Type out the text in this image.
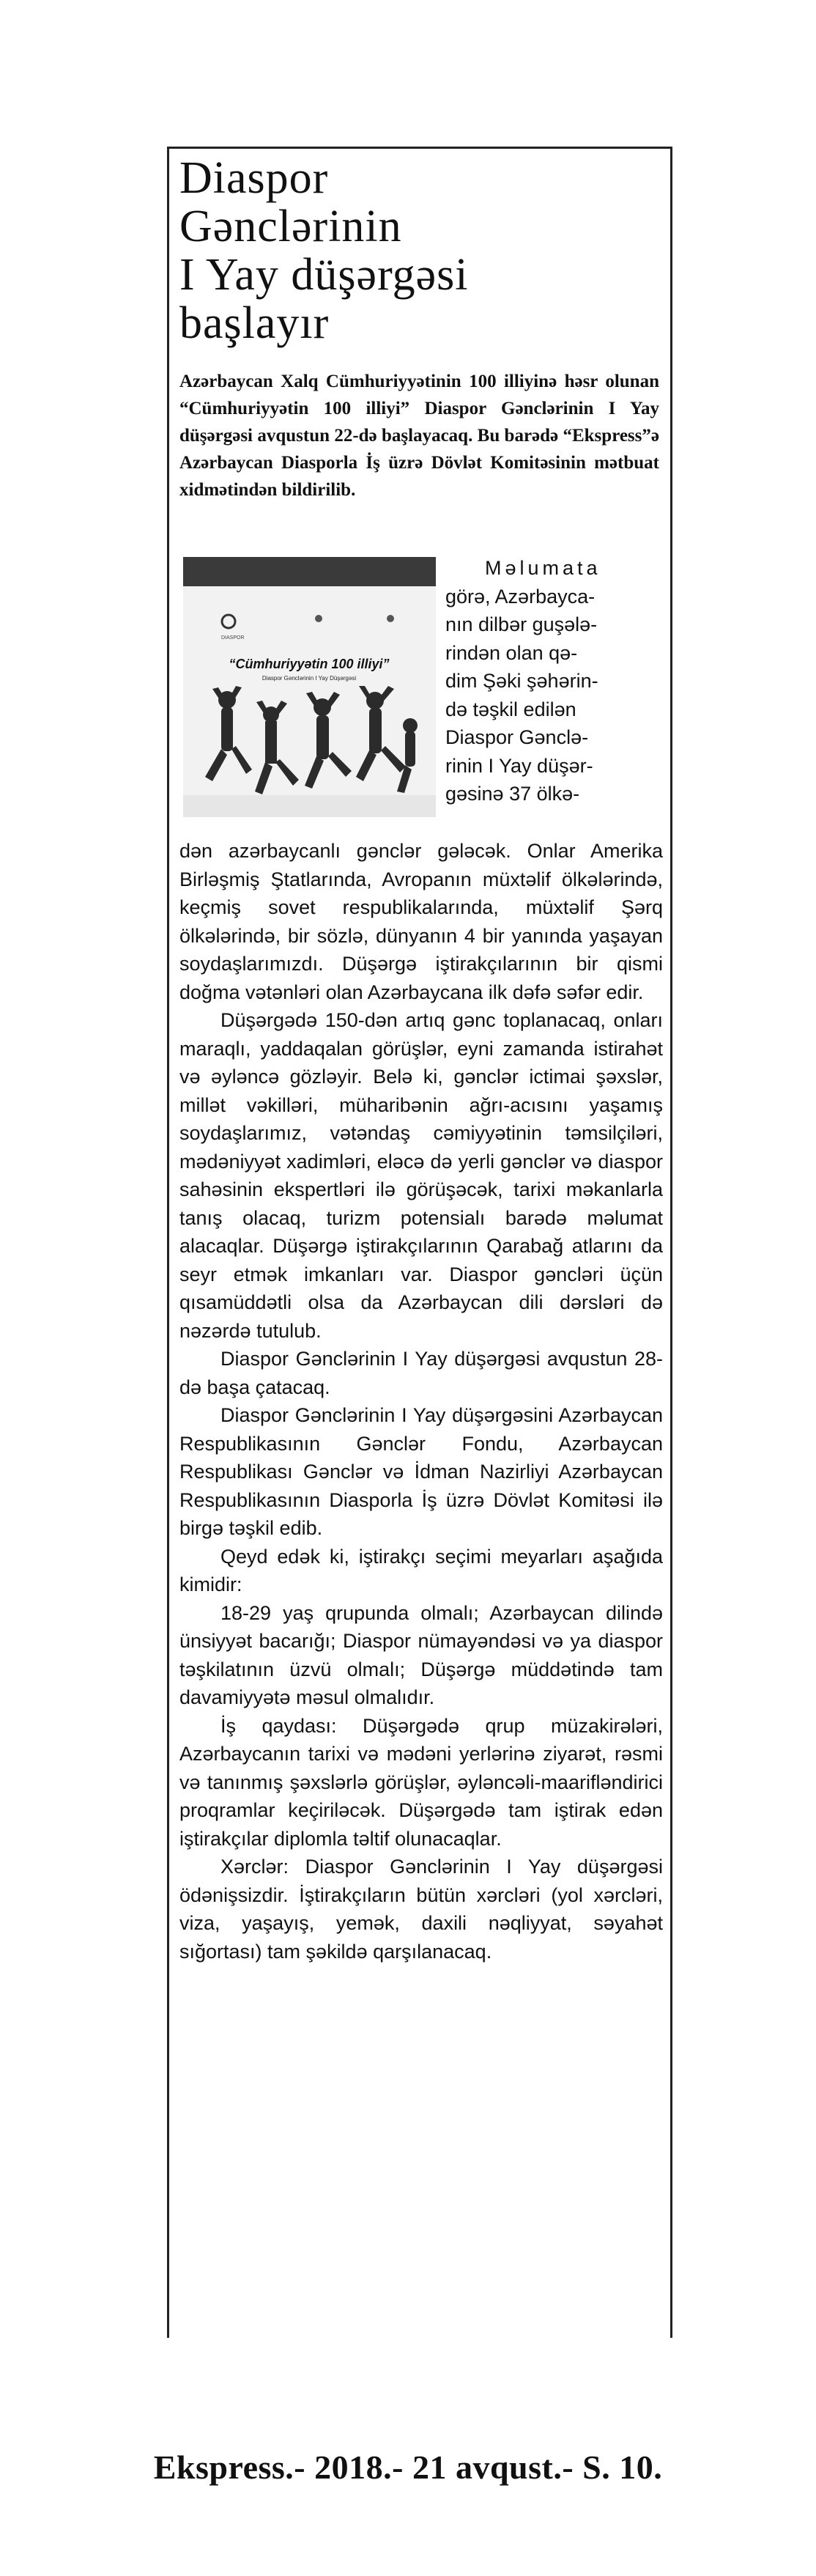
Diaspor
Gənclərinin
I Yay düşərgəsi
başlayır
Azərbaycan Xalq Cümhuriyyətinin 100 illiyinə həsr olunan “Cümhuriyyətin 100 illiyi” Diaspor Gənclərinin I Yay düşərgəsi avqustun 22-də başlayacaq. Bu barədə “Ekspress”ə Azərbaycan Diasporla İş üzrə Dövlət Komitəsinin mətbuat xidmətindən bildirilib.
DIASPOR
“Cümhuriyyətin 100 illiyi”
Diaspor Gənclərinin I Yay Düşərgəsi
Məlumata
görə, Azərbayca-
nın dilbər guşələ-
rindən olan qə-
dim Şəki şəhərin-
də təşkil edilən
Diaspor Gənclə-
rinin I Yay düşər-
gəsinə 37 ölkə-

dən azərbaycanlı gənclər gələcək. Onlar Amerika Birləşmiş Ştatlarında, Avropanın müxtəlif ölkələrində, keçmiş sovet respublikalarında, müxtəlif Şərq ölkələrində, bir sözlə, dünyanın 4 bir yanında yaşayan soydaşlarımızdı. Düşərgə iştirakçılarının bir qismi doğma vətənləri olan Azərbaycana ilk dəfə səfər edir.

Düşərgədə 150-dən artıq gənc toplanacaq, onları maraqlı, yaddaqalan görüşlər, eyni zamanda istirahət və əyləncə gözləyir. Belə ki, gənclər ictimai şəxslər, millət vəkilləri, müharibənin ağrı-acısını yaşamış soydaşlarımız, vətəndaş cəmiyyətinin təmsilçiləri, mədəniyyət xadimləri, eləcə də yerli gənclər və diaspor sahəsinin ekspertləri ilə görüşəcək, tarixi məkanlarla tanış olacaq, turizm potensialı barədə məlumat alacaqlar. Düşərgə iştirakçılarının Qarabağ atlarını da seyr etmək imkanları var. Diaspor gəncləri üçün qısamüddətli olsa da Azərbaycan dili dərsləri də nəzərdə tutulub.

Diaspor Gənclərinin I Yay düşərgəsi avqustun 28-də başa çatacaq.

Diaspor Gənclərinin I Yay düşərgəsini Azərbaycan Respublikasının Gənclər Fondu, Azərbaycan Respublikası Gənclər və İdman Nazirliyi Azərbaycan Respublikasının Diasporla İş üzrə Dövlət Komitəsi ilə birgə təşkil edib.

Qeyd edək ki, iştirakçı seçimi meyarları aşağıda kimidir:

18-29 yaş qrupunda olmalı; Azərbaycan dilində ünsiyyət bacarığı; Diaspor nümayəndəsi və ya diaspor təşkilatının üzvü olmalı; Düşərgə müddətində tam davamiyyətə məsul olmalıdır.

İş qaydası: Düşərgədə qrup müzakirələri, Azərbaycanın tarixi və mədəni yerlərinə ziyarət, rəsmi və tanınmış şəxslərlə görüşlər, əyləncəli-maarifləndirici proqramlar keçiriləcək. Düşərgədə tam iştirak edən iştirakçılar diplomla təltif olunacaqlar.

Xərclər: Diaspor Gənclərinin I Yay düşərgəsi ödənişsizdir. İştirakçıların bütün xərcləri (yol xərcləri, viza, yaşayış, yemək, daxili nəqliyyat, səyahət sığortası) tam şəkildə qarşılanacaq.

Ekspress.- 2018.- 21 avqust.- S. 10.
